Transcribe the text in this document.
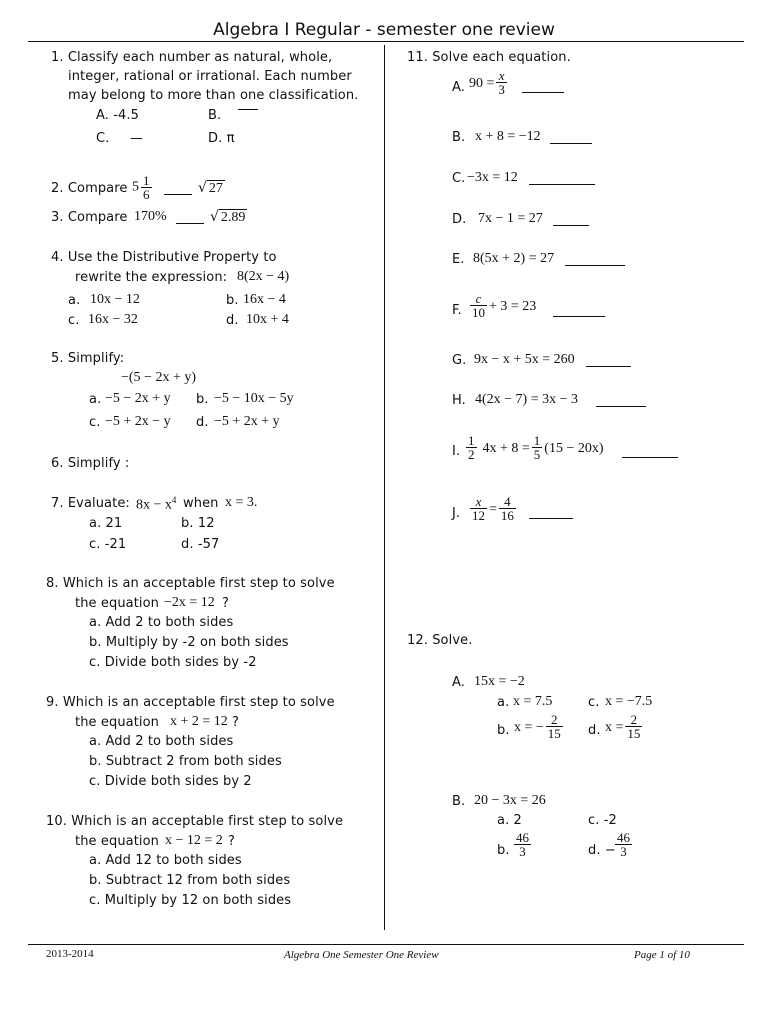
Algebra I Regular - semester one review
1. Classify each number as natural, whole,
integer, rational or irrational. Each number
may belong to more than one classification.
A. -4.5	B.
C. —	D. π
2. Compare $5 \frac{1}{6}$	√ 27
3. Compare 170%	√ 2.89
4. Use the Distributive Property to
rewrite the expression: 8(2x − 4)
a. 10x − 12	b. 16x − 4
c. 16x − 32	d. 10x + 4
5. Simplify:
−(5 − 2x + y)
a. −5 − 2x + y b. −5 − 10x − 5y
c. −5 + 2x − y d. −5 + 2x + y
6. Simplify :
7. Evaluate: $8x - x^4$ when x = 3.
a. 21	b. 12
c. -21	d. -57
8. Which is an acceptable first step to solve
the equation −2x = 12 ?
a. Add 2 to both sides
b. Multiply by -2 on both sides
c. Divide both sides by -2
9. Which is an acceptable first step to solve
the equation x + 2 = 12 ?
a. Add 2 to both sides
b. Subtract 2 from both sides
c. Divide both sides by 2
10. Which is an acceptable first step to solve
the equation x − 12 = 2 ?
a. Add 12 to both sides
b. Subtract 12 from both sides
c. Multiply by 12 on both sides
11. Solve each equation.
A. $90 = \frac{x}{3}$
B. x + 8 = −12
C. −3x = 12
D. 7x − 1 = 27
E. 8(5x + 2) = 27
F. $\frac{c}{10} + 3 = 23$
G. 9x − x + 5x = 260
H. 4(2x − 7) = 3x − 3
I. $\frac{1}{2} 4x + 8 = \frac{1}{5} (15 - 20x)$
J. $\frac{x}{12} = \frac{4}{16}$
12. Solve.
A. 15x = −2
a. x = 7.5	c. x = −7.5
b. x = − $\frac{2}{15} d$. $x = \frac{2}{15}$
B. 20 − 3x = 26
a. 2	c. -2
b. $\frac{46}{3}$	d. − $\frac{46}{3}$
2013-2014	Algebra One Semester One Review	Page 1 of 10
